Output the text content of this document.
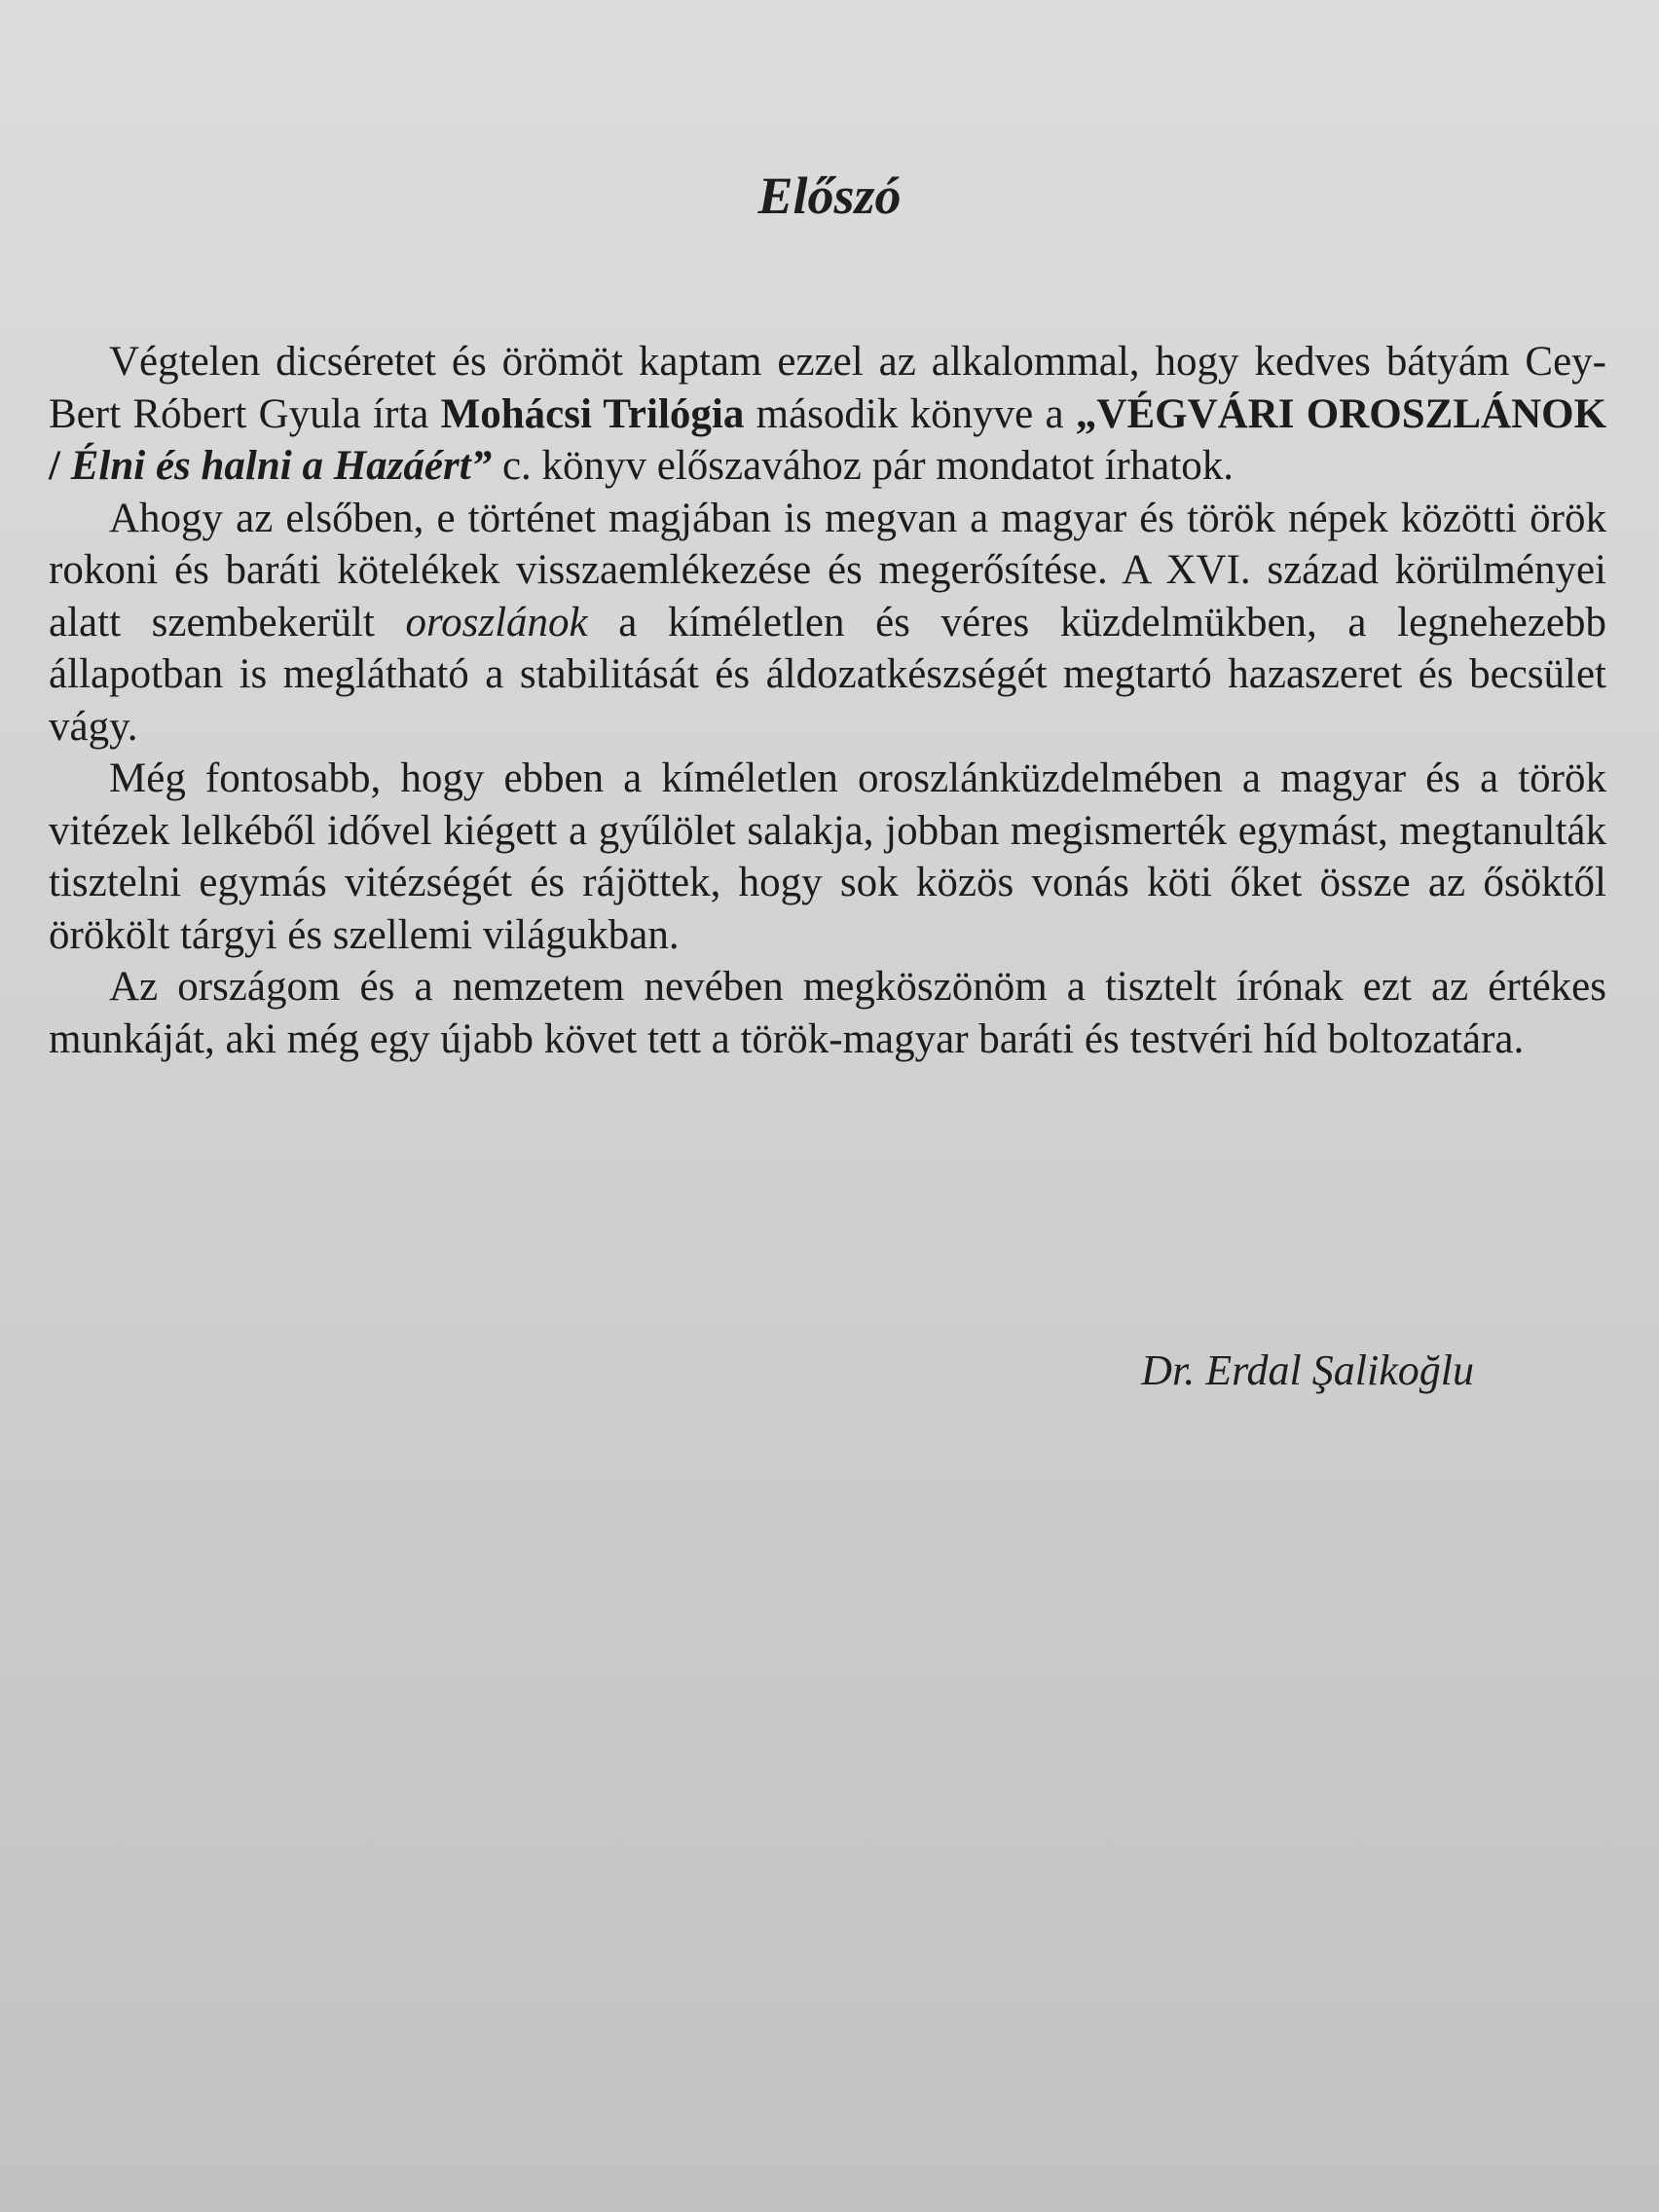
Előszó

Végtelen dicséretet és örömöt kaptam ezzel az alkalommal, hogy kedves bátyám Cey-Bert Róbert Gyula írta Mohácsi Trilógia második könyve a „VÉGVÁRI OROSZLÁNOK / Élni és halni a Hazáért” c. könyv előszavához pár mondatot írhatok.

Ahogy az elsőben, e történet magjában is megvan a magyar és török népek közötti örök rokoni és baráti kötelékek visszaemlékezése és megerősítése. A XVI. század körülményei alatt szembekerült oroszlánok a kíméletlen és véres küzdelmükben, a legnehezebb állapotban is meglátható a stabilitását és áldozatkészségét megtartó hazaszeret és becsület vágy.

Még fontosabb, hogy ebben a kíméletlen oroszlánküzdelmében a magyar és a török vitézek lelkéből idővel kiégett a gyűlölet salakja, jobban megismerték egymást, megtanulták tisztelni egymás vitézségét és rájöttek, hogy sok közös vonás köti őket össze az ősöktől örökölt tárgyi és szellemi világukban.

Az országom és a nemzetem nevében megköszönöm a tisztelt írónak ezt az értékes munkáját, aki még egy újabb követ tett a török-magyar baráti és testvéri híd boltozatára.

Dr. Erdal Şalikoğlu
